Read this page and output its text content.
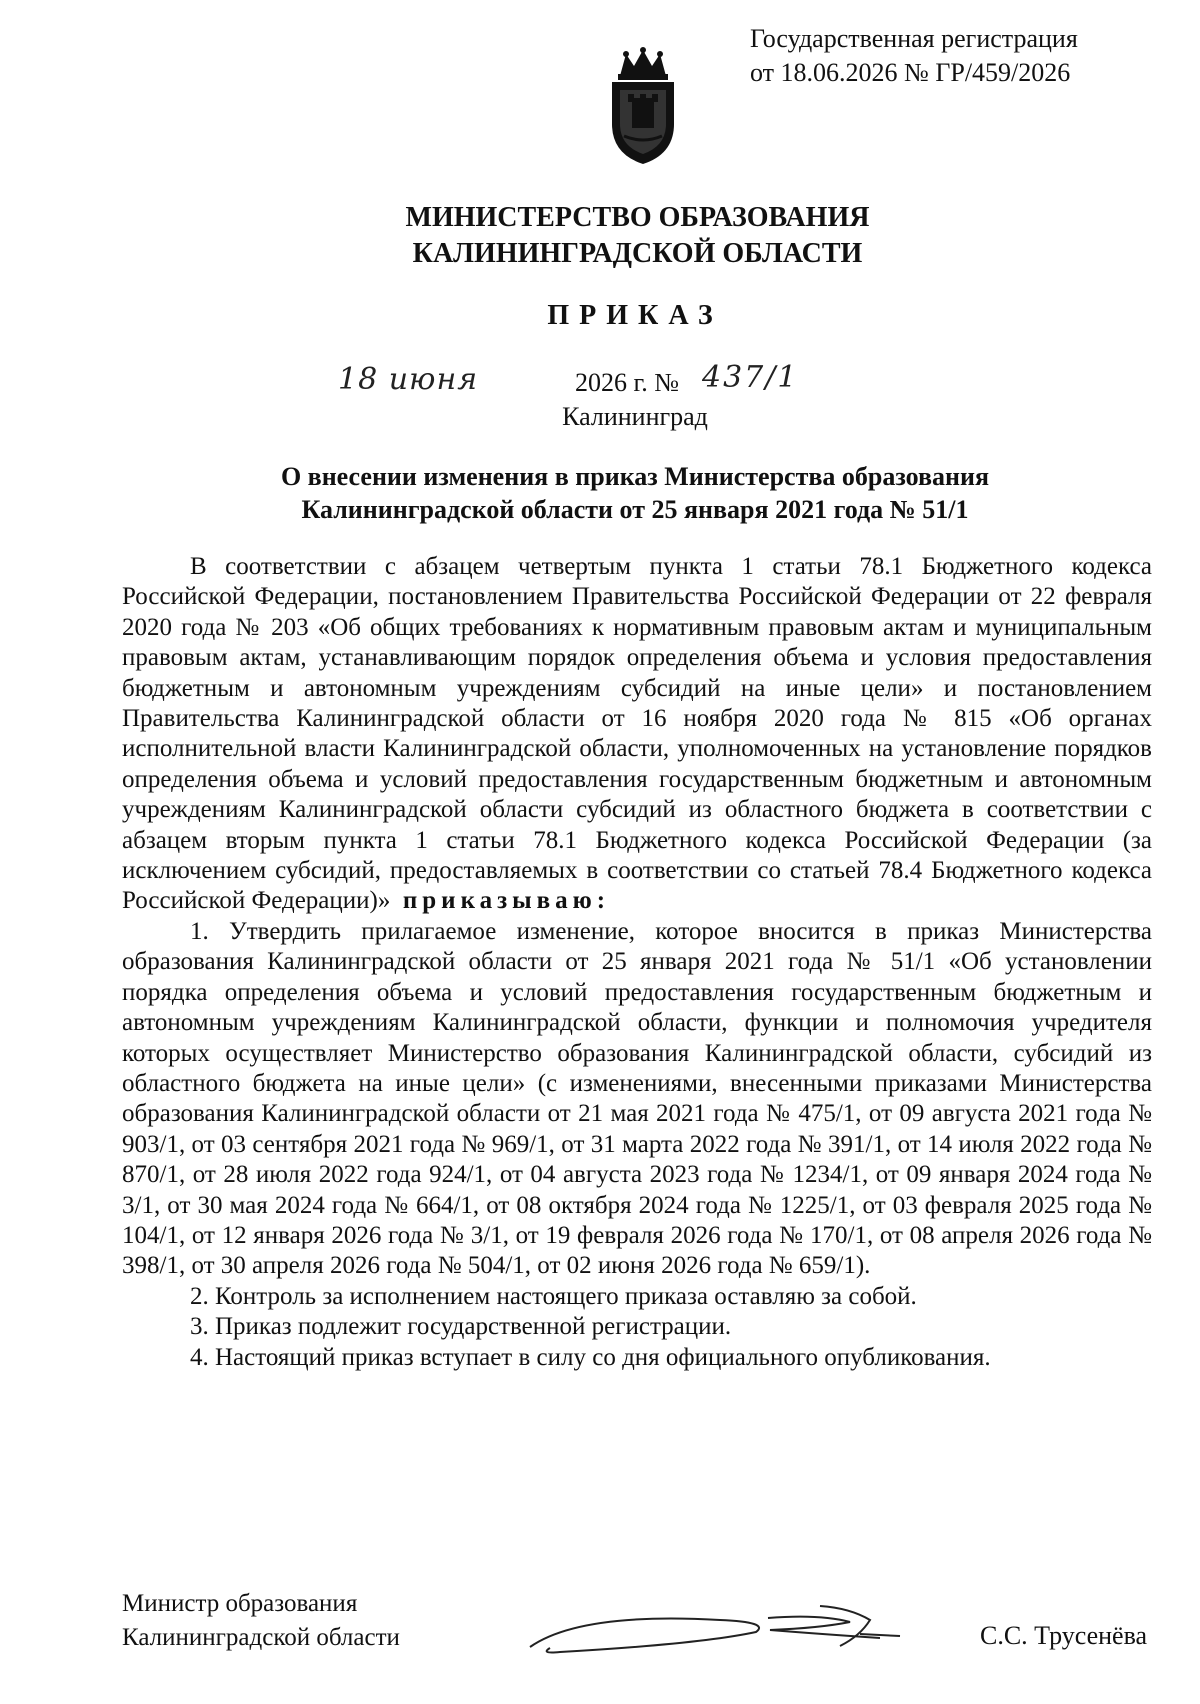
Государственная регистрация
от 18.06.2026 № ГР/459/2026
МИНИСТЕРСТВО ОБРАЗОВАНИЯ
КАЛИНИНГРАДСКОЙ ОБЛАСТИ
ПРИКАЗ
18 июня	2026 г. № 437/1
Калининград
О внесении изменения в приказ Министерства образования
Калининградской области от 25 января 2021 года № 51/1

В соответствии с абзацем четвертым пункта 1 статьи 78.1 Бюджетного кодекса Российской Федерации, постановлением Правительства Российской Федерации от 22 февраля 2020 года № 203 «Об общих требованиях к нормативным правовым актам и муниципальным правовым актам, устанавливающим порядок определения объема и условия предоставления бюджетным и автономным учреждениям субсидий на иные цели» и постановлением Правительства Калининградской области от 16 ноября 2020 года № 815 «Об органах исполнительной власти Калининградской области, уполномоченных на установление порядков определения объема и условий предоставления государственным бюджетным и автономным учреждениям Калининградской области субсидий из областного бюджета в соответствии с абзацем вторым пункта 1 статьи 78.1 Бюджетного кодекса Российской Федерации (за исключением субсидий, предоставляемых в соответствии со статьей 78.4 Бюджетного кодекса Российской Федерации)» приказываю:

1. Утвердить прилагаемое изменение, которое вносится в приказ Министерства образования Калининградской области от 25 января 2021 года № 51/1 «Об установлении порядка определения объема и условий предоставления государственным бюджетным и автономным учреждениям Калининградской области, функции и полномочия учредителя которых осуществляет Министерство образования Калининградской области, субсидий из областного бюджета на иные цели» (с изменениями, внесенными приказами Министерства образования Калининградской области от 21 мая 2021 года № 475/1, от 09 августа 2021 года № 903/1, от 03 сентября 2021 года № 969/1, от 31 марта 2022 года № 391/1, от 14 июля 2022 года № 870/1, от 28 июля 2022 года 924/1, от 04 августа 2023 года № 1234/1, от 09 января 2024 года № 3/1, от 30 мая 2024 года № 664/1, от 08 октября 2024 года № 1225/1, от 03 февраля 2025 года № 104/1, от 12 января 2026 года № 3/1, от 19 февраля 2026 года № 170/1, от 08 апреля 2026 года № 398/1, от 30 апреля 2026 года № 504/1, от 02 июня 2026 года № 659/1).

2. Контроль за исполнением настоящего приказа оставляю за собой.

3. Приказ подлежит государственной регистрации.

4. Настоящий приказ вступает в силу со дня официального опубликования.

Министр образования
Калининградской области	С.С. Трусенёва
